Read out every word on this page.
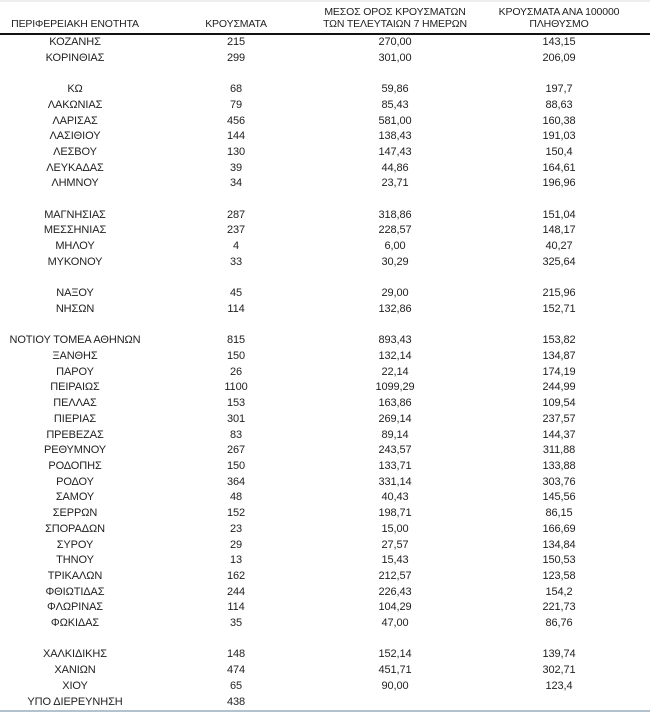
ΠΕΡΙΦΕΡΕΙΑΚΗ ΕΝΟΤΗΤΑ	ΚΡΟΥΣΜΑΤΑ	ΜΕΣΟΣ ΟΡΟΣ ΚΡΟΥΣΜΑΤΩΝ
ΤΩΝ ΤΕΛΕΥΤΑΙΩΝ 7 ΗΜΕΡΩΝ	ΚΡΟΥΣΜΑΤΑ ΑΝΑ 100000
ΠΛΗΘΥΣΜΟ

ΚΟΖΑΝΗΣ	215	270,00	143,15
ΚΟΡΙΝΘΙΑΣ	299	301,00	206,09

ΚΩ	68	59,86	197,7
ΛΑΚΩΝΙΑΣ	79	85,43	88,63
ΛΑΡΙΣΑΣ	456	581,00	160,38
ΛΑΣΙΘΙΟΥ	144	138,43	191,03
ΛΕΣΒΟΥ	130	147,43	150,4
ΛΕΥΚΑΔΑΣ	39	44,86	164,61
ΛΗΜΝΟΥ	34	23,71	196,96

ΜΑΓΝΗΣΙΑΣ	287	318,86	151,04
ΜΕΣΣΗΝΙΑΣ	237	228,57	148,17
ΜΗΛΟΥ	4	6,00	40,27
ΜΥΚΟΝΟΥ	33	30,29	325,64

ΝΑΞΟΥ	45	29,00	215,96
ΝΗΣΩΝ	114	132,86	152,71

ΝΟΤΙΟΥ ΤΟΜΕΑ ΑΘΗΝΩΝ	815	893,43	153,82
ΞΑΝΘΗΣ	150	132,14	134,87
ΠΑΡΟΥ	26	22,14	174,19
ΠΕΙΡΑΙΩΣ	1100	1099,29	244,99
ΠΕΛΛΑΣ	153	163,86	109,54
ΠΙΕΡΙΑΣ	301	269,14	237,57
ΠΡΕΒΕΖΑΣ	83	89,14	144,37
ΡΕΘΥΜΝΟΥ	267	243,57	311,88
ΡΟΔΟΠΗΣ	150	133,71	133,88
ΡΟΔΟΥ	364	331,14	303,76
ΣΑΜΟΥ	48	40,43	145,56
ΣΕΡΡΩΝ	152	198,71	86,15
ΣΠΟΡΑΔΩΝ	23	15,00	166,69
ΣΥΡΟΥ	29	27,57	134,84
ΤΗΝΟΥ	13	15,43	150,53
ΤΡΙΚΑΛΩΝ	162	212,57	123,58
ΦΘΙΩΤΙΔΑΣ	244	226,43	154,2
ΦΛΩΡΙΝΑΣ	114	104,29	221,73
ΦΩΚΙΔΑΣ	35	47,00	86,76

ΧΑΛΚΙΔΙΚΗΣ	148	152,14	139,74
ΧΑΝΙΩΝ	474	451,71	302,71
ΧΙΟΥ	65	90,00	123,4
ΥΠΟ ΔΙΕΡΕΥΝΗΣΗ	438		
